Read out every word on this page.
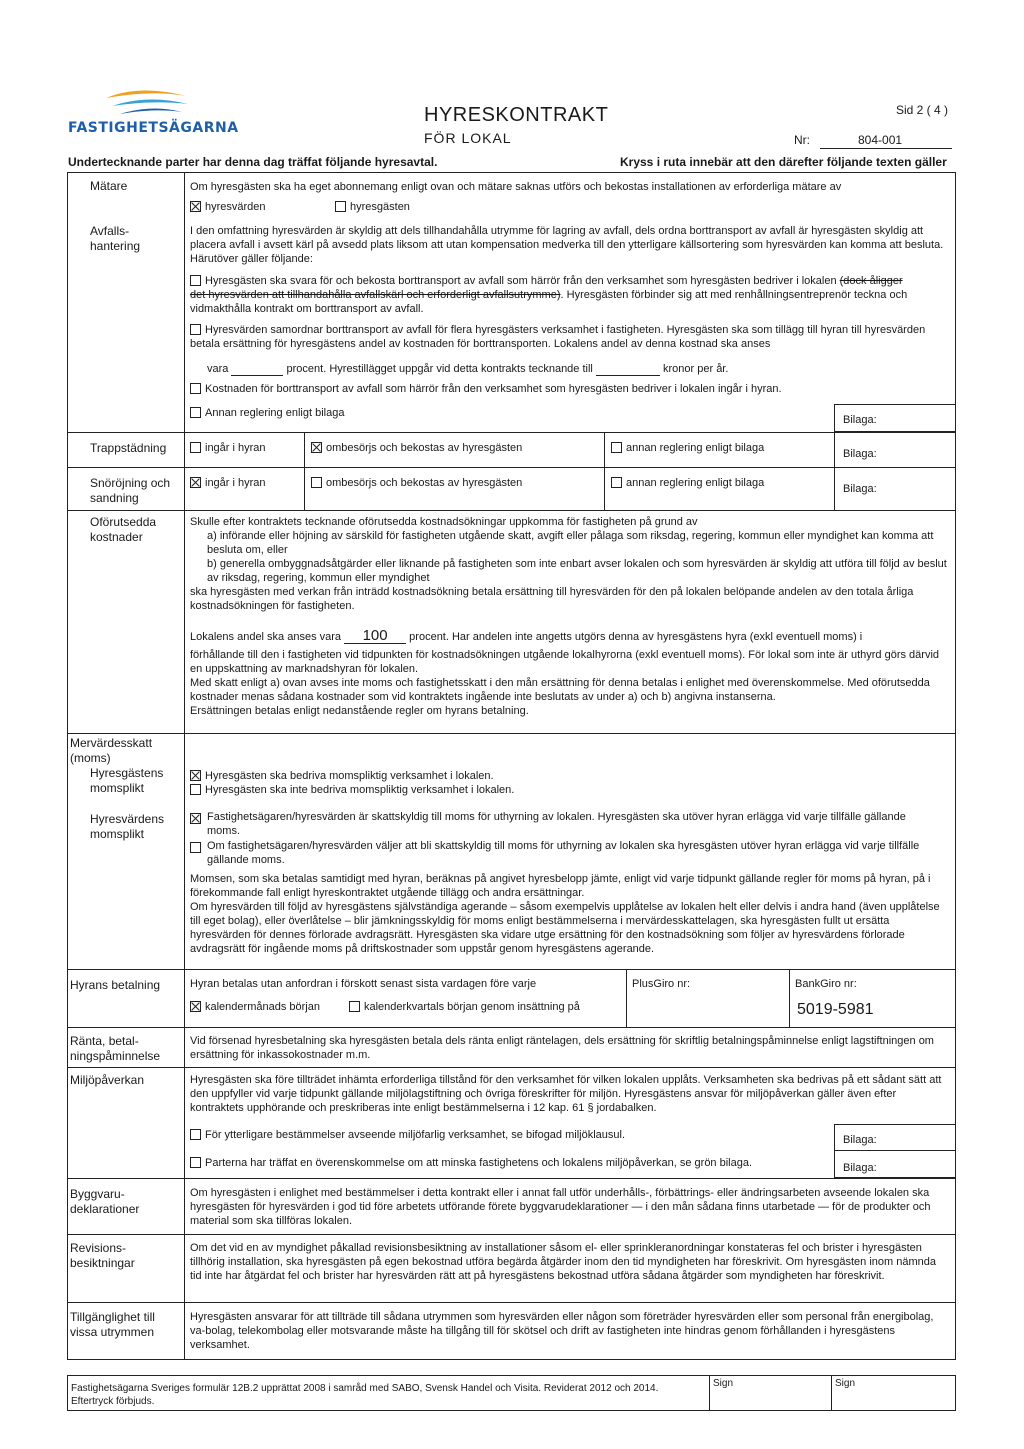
FASTIGHETSÄGARNA
HYRESKONTRAKT
FÖR LOKAL
Sid 2 ( 4 )
Nr:	804-001
Undertecknande parter har denna dag träffat följande hyresavtal.	Kryss i ruta innebär att den därefter följande texten gäller
Mätare	Om hyresgästen ska ha eget abonnemang enligt ovan och mätare saknas utförs och bekostas installationen av erforderliga mätare av
hyresvärden	hyresgästen
Avfalls-
hantering
I den omfattning hyresvärden är skyldig att dels tillhandahålla utrymme för lagring av avfall, dels ordna borttransport av avfall är hyresgästen skyldig att placera avfall i avsett kärl på avsedd plats liksom att utan kompensation medverka till den ytterligare källsortering som hyresvärden kan komma att besluta. Härutöver gäller följande:
Hyresgästen ska svara för och bekosta borttransport av avfall som härrör från den verksamhet som hyresgästen bedriver i lokalen (dock åligger det hyresvärden att tillhandahålla avfallskärl och erforderligt avfallsutrymme). Hyresgästen förbinder sig att med renhållningsentreprenör teckna och vidmakthålla kontrakt om borttransport av avfall.
Hyresvärden samordnar borttransport av avfall för flera hyresgästers verksamhet i fastigheten. Hyresgästen ska som tillägg till hyran till hyresvärden betala ersättning för hyresgästens andel av kostnaden för borttransporten. Lokalens andel av denna kostnad ska anses
vara	procent. Hyrestillägget uppgår vid detta kontrakts tecknande till	kronor per år.
Kostnaden för borttransport av avfall som härrör från den verksamhet som hyresgästen bedriver i lokalen ingår i hyran.
Annan reglering enligt bilaga
Bilaga:
Trappstädning	ingår i hyran	ombesörjs och bekostas av hyresgästen	annan reglering enligt bilaga	Bilaga:
Snöröjning och
sandning
ingår i hyran	ombesörjs och bekostas av hyresgästen	annan reglering enligt bilaga	Bilaga:
Oförutsedda
kostnader

Skulle efter kontraktets tecknande oförutsedda kostnadsökningar uppkomma för fastigheten på grund av

a) införande eller höjning av särskild för fastigheten utgående skatt, avgift eller pålaga som riksdag, regering, kommun eller myndighet kan komma att besluta om, eller

b) generella ombyggnadsåtgärder eller liknande på fastigheten som inte enbart avser lokalen och som hyresvärden är skyldig att utföra till följd av beslut av riksdag, regering, kommun eller myndighet

ska hyresgästen med verkan från inträdd kostnadsökning betala ersättning till hyresvärden för den på lokalen belöpande andelen av den totala årliga kostnadsökningen för fastigheten.

Lokalens andel ska anses vara 100 procent. Har andelen inte angetts utgörs denna av hyresgästens hyra (exkl eventuell moms) i

förhållande till den i fastigheten vid tidpunkten för kostnadsökningen utgående lokalhyrorna (exkl eventuell moms). För lokal som inte är uthyrd görs därvid en uppskattning av marknadshyran för lokalen.

Med skatt enligt a) ovan avses inte moms och fastighetsskatt i den mån ersättning för denna betalas i enlighet med överenskommelse. Med oförutsedda kostnader menas sådana kostnader som vid kontraktets ingående inte beslutats av under a) och b) angivna instanserna.

Ersättningen betalas enligt nedanstående regler om hyrans betalning.

Mervärdesskatt
(moms)
Hyresgästens
momsplikt
Hyresvärdens
momsplikt
Hyresgästen ska bedriva momspliktig verksamhet i lokalen.
Hyresgästen ska inte bedriva momspliktig verksamhet i lokalen.

Fastighetsägaren/hyresvärden är skattskyldig till moms för uthyrning av lokalen. Hyresgästen ska utöver hyran erlägga vid varje tillfälle gällande moms.

Om fastighetsägaren/hyresvärden väljer att bli skattskyldig till moms för uthyrning av lokalen ska hyresgästen utöver hyran erlägga vid varje tillfälle gällande moms.

Momsen, som ska betalas samtidigt med hyran, beräknas på angivet hyresbelopp jämte, enligt vid varje tidpunkt gällande regler för moms på hyran, på i förekommande fall enligt hyreskontraktet utgående tillägg och andra ersättningar.

Om hyresvärden till följd av hyresgästens självständiga agerande – såsom exempelvis upplåtelse av lokalen helt eller delvis i andra hand (även upplåtelse till eget bolag), eller överlåtelse – blir jämkningsskyldig för moms enligt bestämmelserna i mervärdesskattelagen, ska hyresgästen fullt ut ersätta hyresvärden för dennes förlorade avdragsrätt. Hyresgästen ska vidare utge ersättning för den kostnadsökning som följer av hyresvärdens förlorade avdragsrätt för ingående moms på driftskostnader som uppstår genom hyresgästens agerande.

Hyrans betalning	Hyran betalas utan anfordran i förskott senast sista vardagen före varje
kalendermånads början	kalenderkvartals början genom insättning på
PlusGiro nr:	BankGiro nr:
5019-5981
Ränta, betal-
ningspåminnelse
Vid försenad hyresbetalning ska hyresgästen betala dels ränta enligt räntelagen, dels ersättning för skriftlig betalningspåminnelse enligt lagstiftningen om ersättning för inkassokostnader m.m.
Miljöpåverkan	Hyresgästen ska före tillträdet inhämta erforderliga tillstånd för den verksamhet för vilken lokalen upplåts. Verksamheten ska bedrivas på ett sådant sätt att den uppfyller vid varje tidpunkt gällande miljölagstiftning och övriga föreskrifter för miljön. Hyresgästens ansvar för miljöpåverkan gäller även efter kontraktets upphörande och preskriberas inte enligt bestämmelserna i 12 kap. 61 § jordabalken.
För ytterligare bestämmelser avseende miljöfarlig verksamhet, se bifogad miljöklausul.
Parterna har träffat en överenskommelse om att minska fastighetens och lokalens miljöpåverkan, se grön bilaga.
Bilaga:
Bilaga:
Byggvaru-
deklarationer
Om hyresgästen i enlighet med bestämmelser i detta kontrakt eller i annat fall utför underhålls-, förbättrings- eller ändringsarbeten avseende lokalen ska hyresgästen för hyresvärden i god tid före arbetets utförande förete byggvarudeklarationer — i den mån sådana finns utarbetade — för de produkter och material som ska tillföras lokalen.
Revisions-
besiktningar
Om det vid en av myndighet påkallad revisionsbesiktning av installationer såsom el- eller sprinkleranordningar konstateras fel och brister i hyresgästen tillhörig installation, ska hyresgästen på egen bekostnad utföra begärda åtgärder inom den tid myndigheten har föreskrivit. Om hyresgästen inom nämnda tid inte har åtgärdat fel och brister har hyresvärden rätt att på hyresgästens bekostnad utföra sådana åtgärder som myndigheten har föreskrivit.
Tillgänglighet till
vissa utrymmen
Hyresgästen ansvarar för att tillträde till sådana utrymmen som hyresvärden eller någon som företräder hyresvärden eller som personal från energibolag, va-bolag, telekombolag eller motsvarande måste ha tillgång till för skötsel och drift av fastigheten inte hindras genom förhållanden i hyresgästens verksamhet.

Fastighetsägarna Sveriges formulär 12B.2 upprättat 2008 i samråd med SABO, Svensk Handel och Visita. Reviderat 2012 och 2014.

Eftertryck förbjuds.

Sign	Sign
